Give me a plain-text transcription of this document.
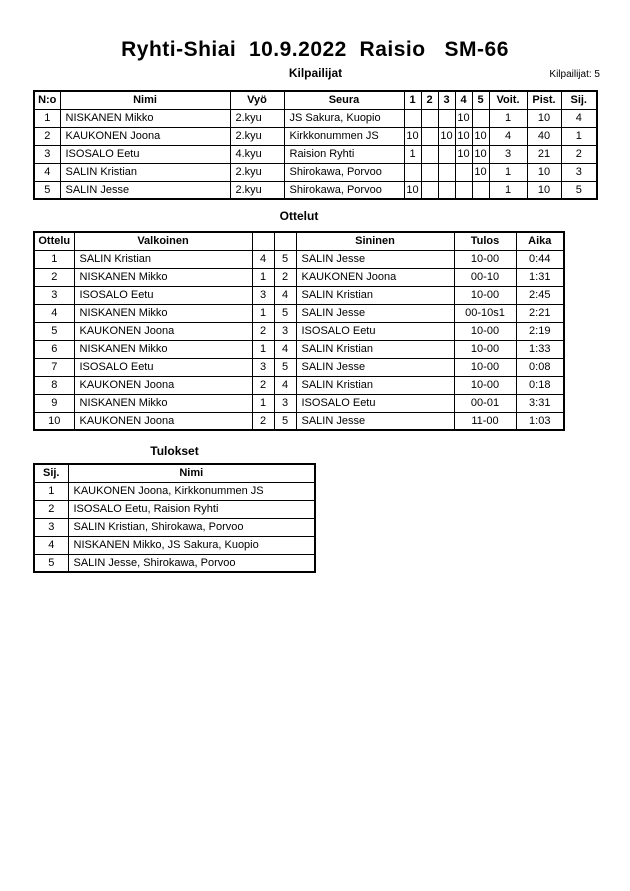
Ryhti-Shiai  10.9.2022  Raisio   SM-66
Kilpailijat: 5
Kilpailijat
N:o	Nimi	Vyö	Seura	1	2	3	4	5	Voit.	Pist.	Sij.
1	NISKANEN Mikko	2.kyu	JS Sakura, Kuopio				10		1	10	4
2	KAUKONEN Joona	2.kyu	Kirkkonummen JS	10		10	10	10	4	40	1
3	ISOSALO Eetu	4.kyu	Raision Ryhti	1			10	10	3	21	2
4	SALIN Kristian	2.kyu	Shirokawa, Porvoo					10	1	10	3
5	SALIN Jesse	2.kyu	Shirokawa, Porvoo	10					1	10	5
Ottelut
Ottelu	Valkoinen			Sininen	Tulos	Aika
1	SALIN Kristian	4	5	SALIN Jesse	10-00	0:44
2	NISKANEN Mikko	1	2	KAUKONEN Joona	00-10	1:31
3	ISOSALO Eetu	3	4	SALIN Kristian	10-00	2:45
4	NISKANEN Mikko	1	5	SALIN Jesse	00-10s1	2:21
5	KAUKONEN Joona	2	3	ISOSALO Eetu	10-00	2:19
6	NISKANEN Mikko	1	4	SALIN Kristian	10-00	1:33
7	ISOSALO Eetu	3	5	SALIN Jesse	10-00	0:08
8	KAUKONEN Joona	2	4	SALIN Kristian	10-00	0:18
9	NISKANEN Mikko	1	3	ISOSALO Eetu	00-01	3:31
10	KAUKONEN Joona	2	5	SALIN Jesse	11-00	1:03
Tulokset
Sij.	Nimi
1	KAUKONEN Joona, Kirkkonummen JS
2	ISOSALO Eetu, Raision Ryhti
3	SALIN Kristian, Shirokawa, Porvoo
4	NISKANEN Mikko, JS Sakura, Kuopio
5	SALIN Jesse, Shirokawa, Porvoo
